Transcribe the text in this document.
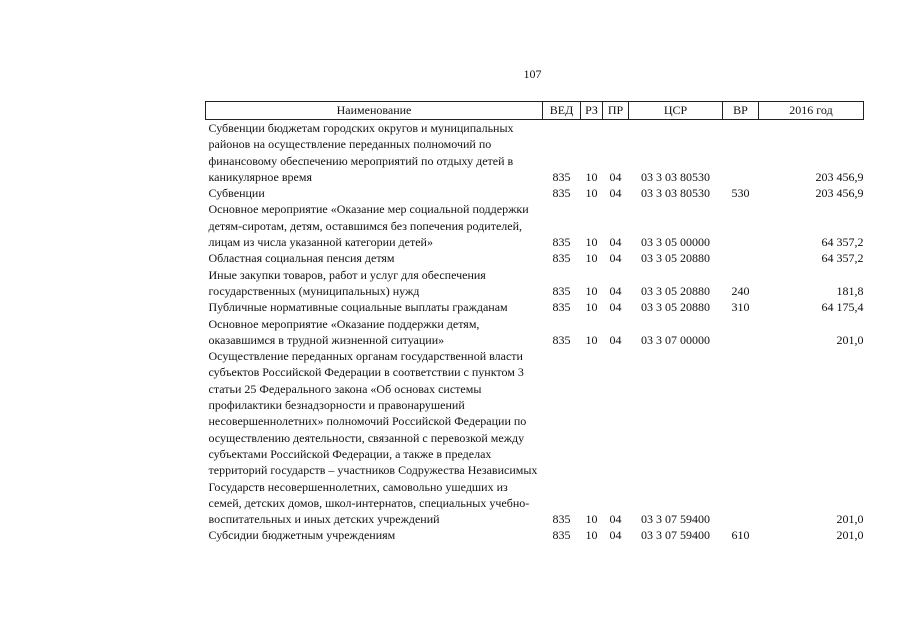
107
Наименование	ВЕД	РЗ	ПР	ЦСР	ВР	2016 год
Субвенции бюджетам городских округов и муниципальных районов на осуществление переданных полномочий по финансовому обеспечению мероприятий по отдыху детей в каникулярное время	835	10	04	03 3 03 80530		203 456,9
Субвенции	835	10	04	03 3 03 80530	530	203 456,9
Основное мероприятие «Оказание мер социальной поддержки детям-сиротам, детям, оставшимся без попечения родителей, лицам из числа указанной категории детей»	835	10	04	03 3 05 00000		64 357,2
Областная социальная пенсия детям	835	10	04	03 3 05 20880		64 357,2
Иные закупки товаров, работ и услуг для обеспечения государственных (муниципальных) нужд	835	10	04	03 3 05 20880	240	181,8
Публичные нормативные социальные выплаты гражданам	835	10	04	03 3 05 20880	310	64 175,4
Основное мероприятие «Оказание поддержки детям, оказавшимся в трудной жизненной ситуации»	835	10	04	03 3 07 00000		201,0
Осуществление переданных органам государственной власти субъектов Российской Федерации в соответствии с пунктом 3 статьи 25 Федерального закона «Об основах системы профилактики безнадзорности и правонарушений несовершеннолетних» полномочий Российской Федерации по осуществлению деятельности, связанной с перевозкой между субъектами Российской Федерации, а также в пределах территорий государств – участников Содружества Независимых Государств несовершеннолетних, самовольно ушедших из семей, детских домов, школ-интернатов, специальных учебно-воспитательных и иных детских учреждений	835	10	04	03 3 07 59400		201,0
Субсидии бюджетным учреждениям	835	10	04	03 3 07 59400	610	201,0
